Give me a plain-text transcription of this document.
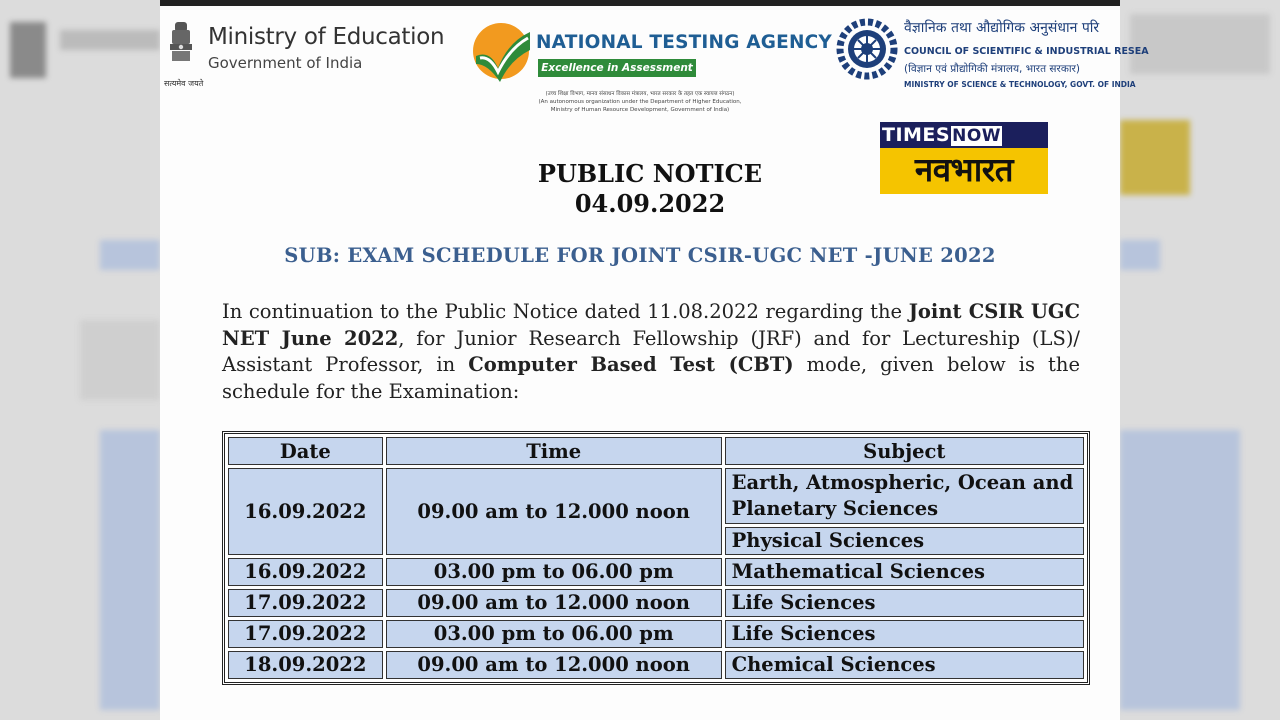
Ministry of Education
Government of India
सत्यमेव जयते
NATIONAL TESTING AGENCY
Excellence in Assessment
(उच्च शिक्षा विभाग, मानव संसाधन विकास मंत्रालय, भारत सरकार के तहत एक स्वायत्त संगठन)
(An autonomous organization under the Department of Higher Education,
Ministry of Human Resource Development, Government of India)
वैज्ञानिक तथा औद्योगिक अनुसंधान परि
COUNCIL OF SCIENTIFIC & INDUSTRIAL RESEA
(विज्ञान एवं प्रौद्योगिकी मंत्रालय, भारत सरकार)
MINISTRY OF SCIENCE & TECHNOLOGY, GOVT. OF INDIA
TIMES NOW
नवभारत
PUBLIC NOTICE
04.09.2022
SUB: EXAM SCHEDULE FOR JOINT CSIR-UGC NET -JUNE 2022
In continuation to the Public Notice dated 11.08.2022 regarding the Joint CSIR UGC NET June 2022, for Junior Research Fellowship (JRF) and for Lectureship (LS)/ Assistant Professor, in Computer Based Test (CBT) mode, given below is the schedule for the Examination:
Date	Time	Subject
16.09.2022	09.00 am to 12.000 noon	Earth, Atmospheric, Ocean and Planetary Sciences
		Physical Sciences
16.09.2022	03.00 pm to 06.00 pm	Mathematical Sciences
17.09.2022	09.00 am to 12.000 noon	Life Sciences
17.09.2022	03.00 pm to 06.00 pm	Life Sciences
18.09.2022	09.00 am to 12.000 noon	Chemical Sciences
